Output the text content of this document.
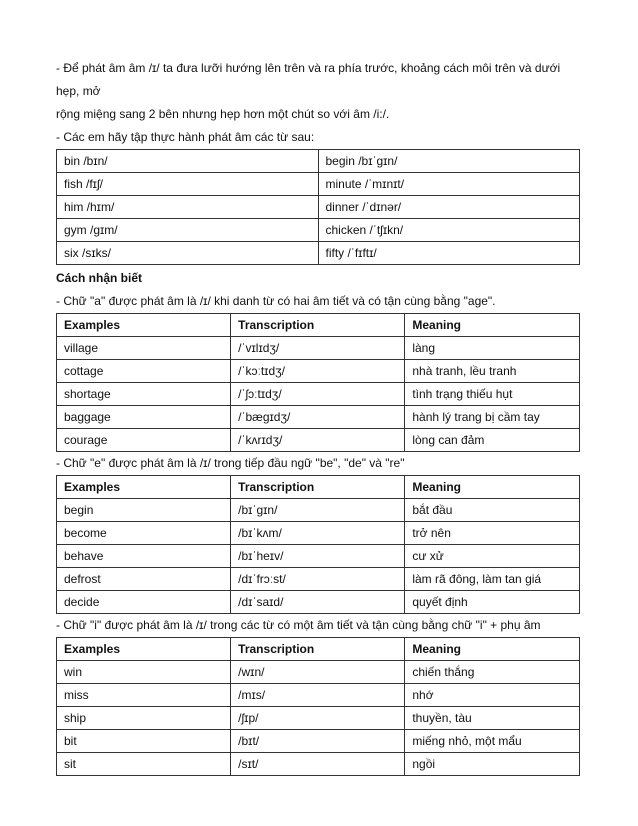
- Để phát âm âm /ɪ/ ta đưa lưỡi hướng lên trên và ra phía trước, khoảng cách môi trên và dưới hẹp, mở

rộng miệng sang 2 bên nhưng hẹp hơn một chút so với âm /i:/.

- Các em hãy tập thực hành phát âm các từ sau:

bin /bɪn/	begin /bɪˈgɪn/
fish /fɪʃ/	minute /ˈmɪnɪt/
him /hɪm/	dinner /ˈdɪnər/
gym /gɪm/	chicken /ˈtʃɪkn/
six /sɪks/	fifty /ˈfɪftɪ/

Cách nhận biết

- Chữ "a" được phát âm là /ɪ/ khi danh từ có hai âm tiết và có tận cùng bằng "age".

Examples	Transcription	Meaning
village	/ˈvɪlɪdʒ/	làng
cottage	/ˈkɔːtɪdʒ/	nhà tranh, lều tranh
shortage	/ˈʃɔːtɪdʒ/	tình trạng thiếu hụt
baggage	/ˈbæɡɪdʒ/	hành lý trang bị cầm tay
courage	/ˈkʌrɪdʒ/	lòng can đảm

- Chữ "e" được phát âm là /ɪ/ trong tiếp đầu ngữ "be", "de" và "re"

Examples	Transcription	Meaning
begin	/bɪˈgɪn/	bắt đầu
become	/bɪˈkʌm/	trở nên
behave	/bɪˈheɪv/	cư xử
defrost	/dɪˈfrɔːst/	làm rã đông, làm tan giá
decide	/dɪˈsaɪd/	quyết định

- Chữ "i" được phát âm là /ɪ/ trong các từ có một âm tiết và tận cùng bằng chữ "i" + phụ âm

Examples	Transcription	Meaning
win	/wɪn/	chiến thắng
miss	/mɪs/	nhớ
ship	/ʃɪp/	thuyền, tàu
bit	/bɪt/	miếng nhỏ, một mẩu
sit	/sɪt/	ngồi
